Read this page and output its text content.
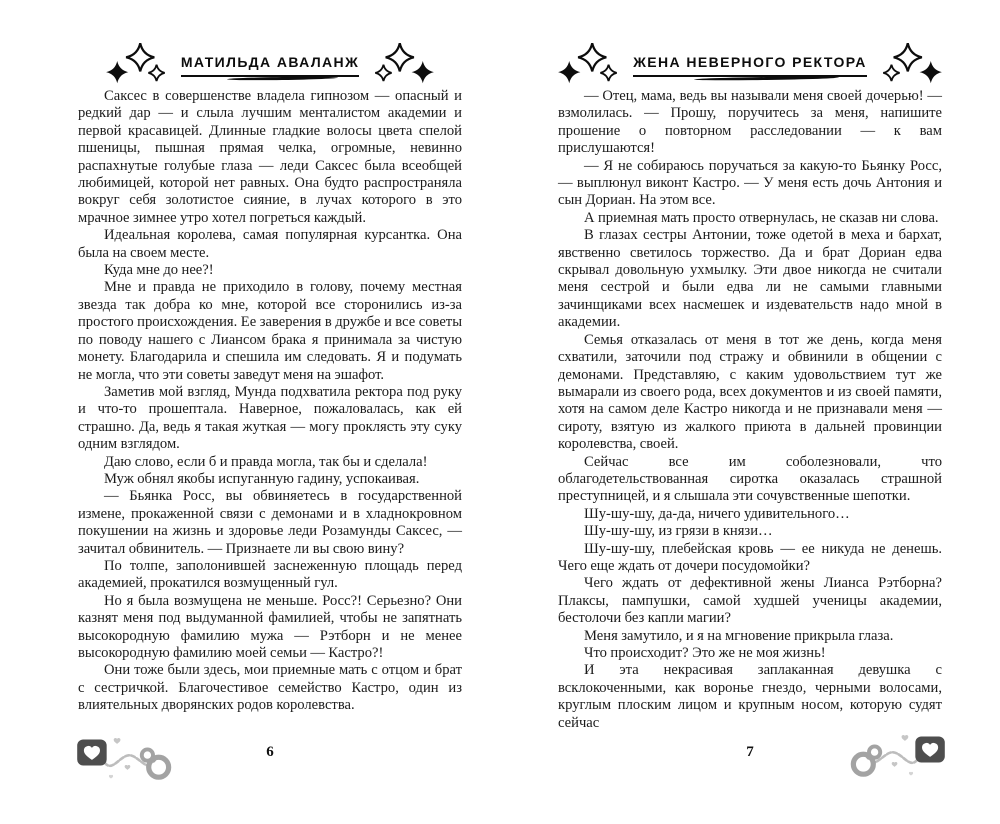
МАТИЛЬДА АВАЛАНЖ

Саксес в совершенстве владела гипнозом — опасный и редкий дар — и слыла лучшим менталистом академии и первой красавицей. Длинные гладкие волосы цвета спелой пшеницы, пышная прямая челка, огромные, невинно распахнутые голубые глаза — леди Саксес была всеобщей любимицей, которой нет равных. Она будто распространяла вокруг себя золотистое сияние, в лучах которого в это мрачное зимнее утро хотел погреться каждый.

Идеальная королева, самая популярная курсантка. Она была на своем месте.

Куда мне до нее?!

Мне и правда не приходило в голову, почему местная звезда так добра ко мне, которой все сторонились из-за простого происхождения. Ее заверения в дружбе и все советы по поводу нашего с Лиансом брака я принимала за чистую монету. Благодарила и спешила им следовать. Я и подумать не могла, что эти советы заведут меня на эшафот.

Заметив мой взгляд, Мунда подхватила ректора под руку и что-то прошептала. Наверное, пожаловалась, как ей страшно. Да, ведь я такая жуткая — могу проклясть эту суку одним взглядом.

Даю слово, если б и правда могла, так бы и сделала!

Муж обнял якобы испуганную гадину, успокаивая.

— Бьянка Росс, вы обвиняетесь в государственной измене, прокаженной связи с демонами и в хладнокровном покушении на жизнь и здоровье леди Розамунды Саксес, — зачитал обвинитель. — Признаете ли вы свою вину?

По толпе, заполонившей заснеженную площадь перед академией, прокатился возмущенный гул.

Но я была возмущена не меньше. Росс?! Серьезно? Они казнят меня под выдуманной фамилией, чтобы не запятнать высокородную фамилию мужа — Рэтборн и не менее высокородную фамилию моей семьи — Кастро?!

Они тоже были здесь, мои приемные мать с отцом и брат с сестричкой. Благочестивое семейство Кастро, один из влиятельных дворянских родов королевства.

6
ЖЕНА НЕВЕРНОГО РЕКТОРА

— Отец, мама, ведь вы называли меня своей дочерью! — взмолилась. — Прошу, поручитесь за меня, напишите прошение о повторном расследовании — к вам прислушаются!

— Я не собираюсь поручаться за какую-то Бьянку Росс, — выплюнул виконт Кастро. — У меня есть дочь Антония и сын Дориан. На этом все.

А приемная мать просто отвернулась, не сказав ни слова.

В глазах сестры Антонии, тоже одетой в меха и бархат, явственно светилось торжество. Да и брат Дориан едва скрывал довольную ухмылку. Эти двое никогда не считали меня сестрой и были едва ли не самыми главными зачинщиками всех насмешек и издевательств надо мной в академии.

Семья отказалась от меня в тот же день, когда меня схватили, заточили под стражу и обвинили в общении с демонами. Представляю, с каким удовольствием тут же вымарали из своего рода, всех документов и из своей памяти, хотя на самом деле Кастро никогда и не признавали меня — сироту, взятую из жалкого приюта в дальней провинции королевства, своей.

Сейчас все им соболезновали, что облагодетельствованная сиротка оказалась страшной преступницей, и я слышала эти сочувственные шепотки.

Шу-шу-шу, да-да, ничего удивительного…

Шу-шу-шу, из грязи в князи…

Шу-шу-шу, плебейская кровь — ее никуда не денешь. Чего еще ждать от дочери посудомойки?

Чего ждать от дефективной жены Лианса Рэтборна? Плаксы, пампушки, самой худшей ученицы академии, бестолочи без капли магии?

Меня замутило, и я на мгновение прикрыла глаза.

Что происходит? Это же не моя жизнь!

И эта некрасивая заплаканная девушка с всклокоченными, как воронье гнездо, черными волосами, круглым плоским лицом и крупным носом, которую судят сейчас

7
